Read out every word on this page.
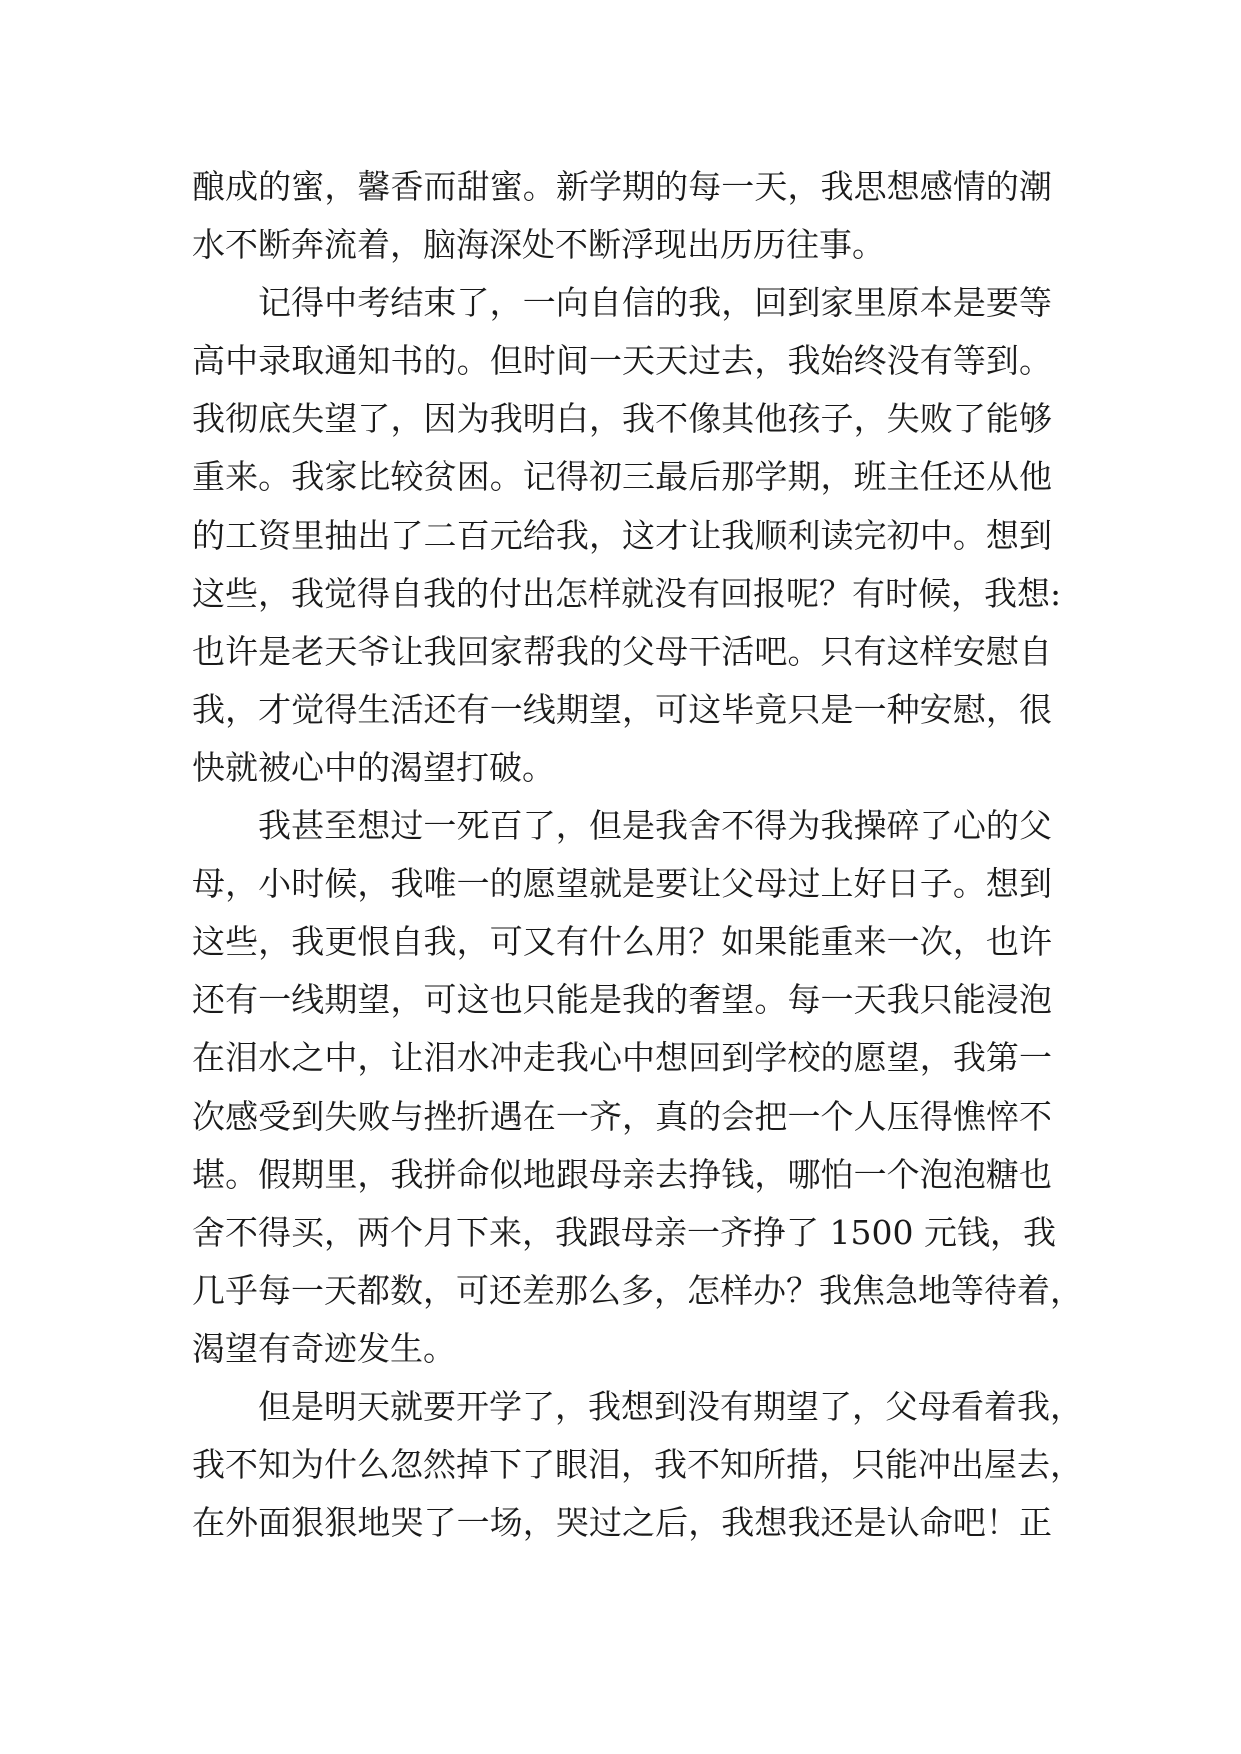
酿成的蜜，馨香而甜蜜。新学期的每一天，我思想感情的潮
水不断奔流着，脑海深处不断浮现出历历往事。
记得中考结束了，一向自信的我，回到家里原本是要等
高中录取通知书的。但时间一天天过去，我始终没有等到。
我彻底失望了，因为我明白，我不像其他孩子，失败了能够
重来。我家比较贫困。记得初三最后那学期，班主任还从他
的工资里抽出了二百元给我，这才让我顺利读完初中。想到
这些，我觉得自我的付出怎样就没有回报呢？有时候，我想:
也许是老天爷让我回家帮我的父母干活吧。只有这样安慰自
我，才觉得生活还有一线期望，可这毕竟只是一种安慰，很
快就被心中的渴望打破。
我甚至想过一死百了，但是我舍不得为我操碎了心的父
母，小时候，我唯一的愿望就是要让父母过上好日子。想到
这些，我更恨自我，可又有什么用？如果能重来一次，也许
还有一线期望，可这也只能是我的奢望。每一天我只能浸泡
在泪水之中，让泪水冲走我心中想回到学校的愿望，我第一
次感受到失败与挫折遇在一齐，真的会把一个人压得憔悴不
堪。假期里，我拼命似地跟母亲去挣钱，哪怕一个泡泡糖也
舍不得买，两个月下来，我跟母亲一齐挣了 1500 元钱，我
几乎每一天都数，可还差那么多，怎样办？我焦急地等待着，
渴望有奇迹发生。
但是明天就要开学了，我想到没有期望了，父母看着我，
我不知为什么忽然掉下了眼泪，我不知所措，只能冲出屋去，
在外面狠狠地哭了一场，哭过之后，我想我还是认命吧！正
